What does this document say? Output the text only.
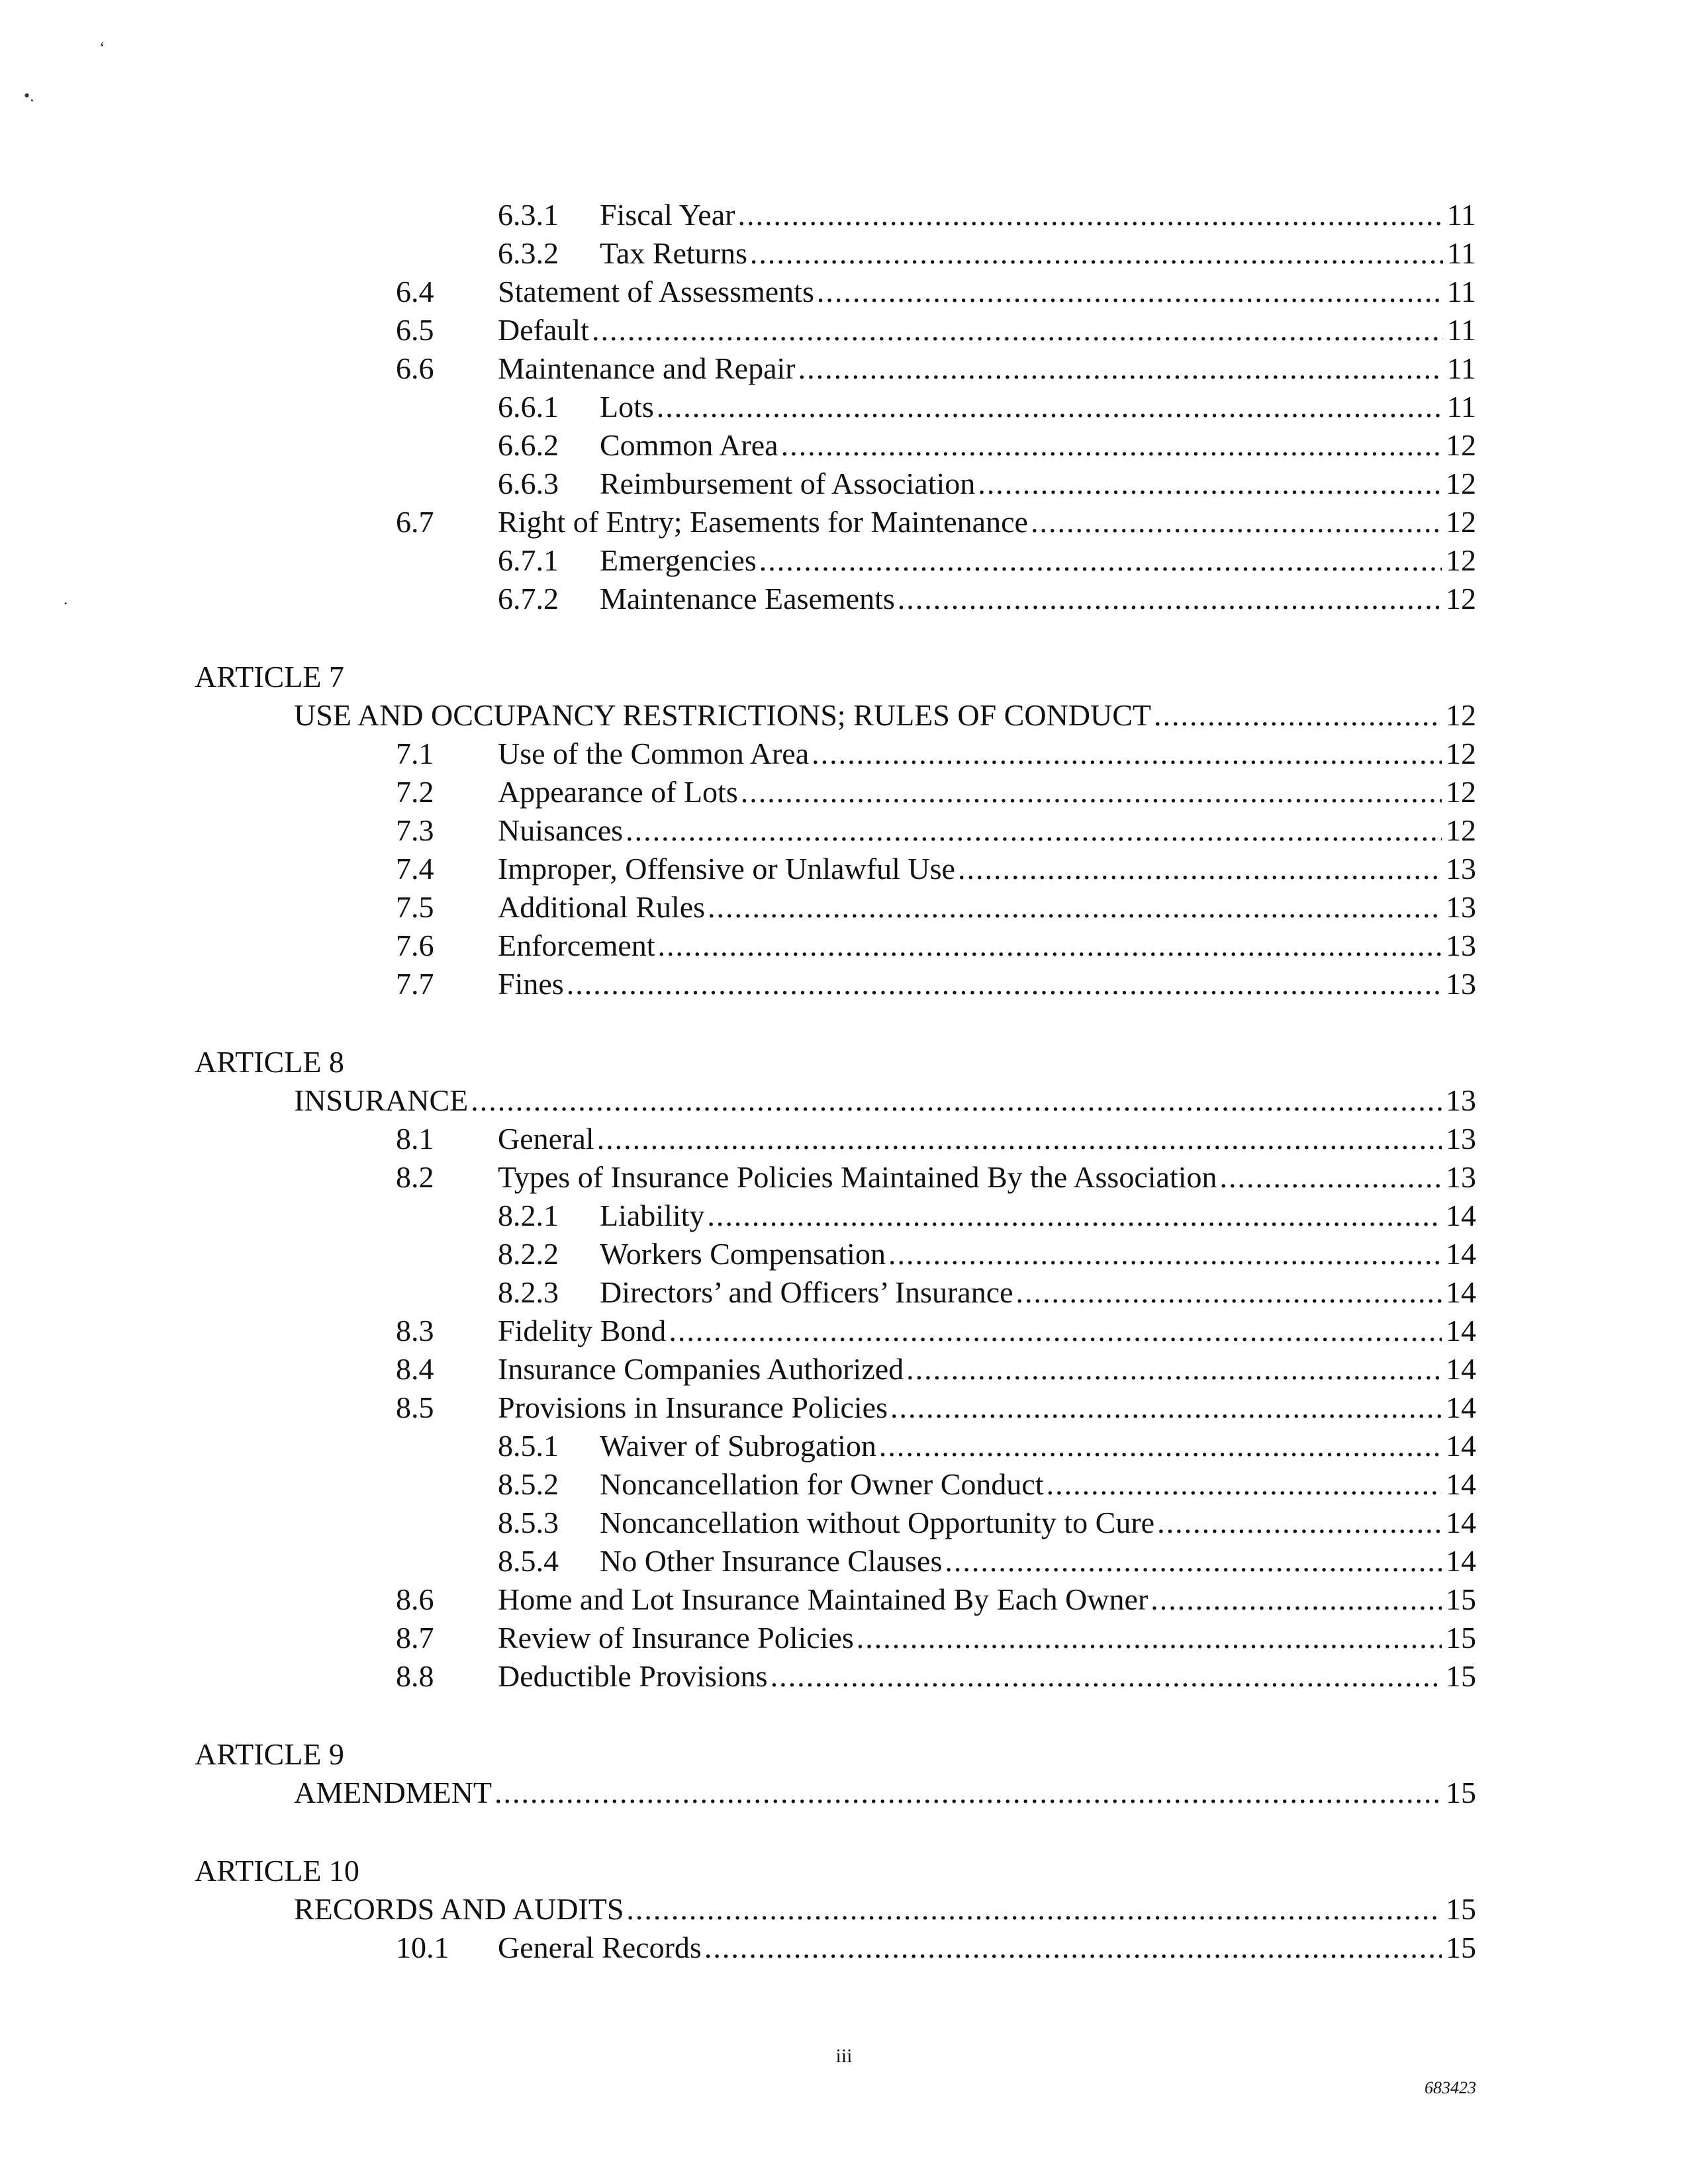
ʻ
•.
.
6.3.1 Fiscal Year .....	11
6.3.2 Tax Returns .....	11
6.4 Statement of Assessments .....	11
6.5 Default .....	11
6.6 Maintenance and Repair .....	11
6.6.1 Lots .....	11
6.6.2 Common Area .....	12
6.6.3 Reimbursement of Association .....	12
6.7 Right of Entry; Easements for Maintenance .....	12
6.7.1 Emergencies .....	12
6.7.2 Maintenance Easements .....	12
ARTICLE 7
USE AND OCCUPANCY RESTRICTIONS; RULES OF CONDUCT .....	12
7.1 Use of the Common Area .....	12
7.2 Appearance of Lots .....	12
7.3 Nuisances .....	12
7.4 Improper, Offensive or Unlawful Use .....	13
7.5 Additional Rules .....	13
7.6 Enforcement .....	13
7.7 Fines .....	13
ARTICLE 8
INSURANCE .....	13
8.1 General .....	13
8.2 Types of Insurance Policies Maintained By the Association .....	13
8.2.1 Liability .....	14
8.2.2 Workers Compensation .....	14
8.2.3 Directors’ and Officers’ Insurance .....	14
8.3 Fidelity Bond .....	14
8.4 Insurance Companies Authorized .....	14
8.5 Provisions in Insurance Policies .....	14
8.5.1 Waiver of Subrogation .....	14
8.5.2 Noncancellation for Owner Conduct .....	14
8.5.3 Noncancellation without Opportunity to Cure .....	14
8.5.4 No Other Insurance Clauses .....	14
8.6 Home and Lot Insurance Maintained By Each Owner .....	15
8.7 Review of Insurance Policies .....	15
8.8 Deductible Provisions .....	15
ARTICLE 9
AMENDMENT .....	15
ARTICLE 10
RECORDS AND AUDITS .....	15
10.1 General Records .....	15
iii
683423
